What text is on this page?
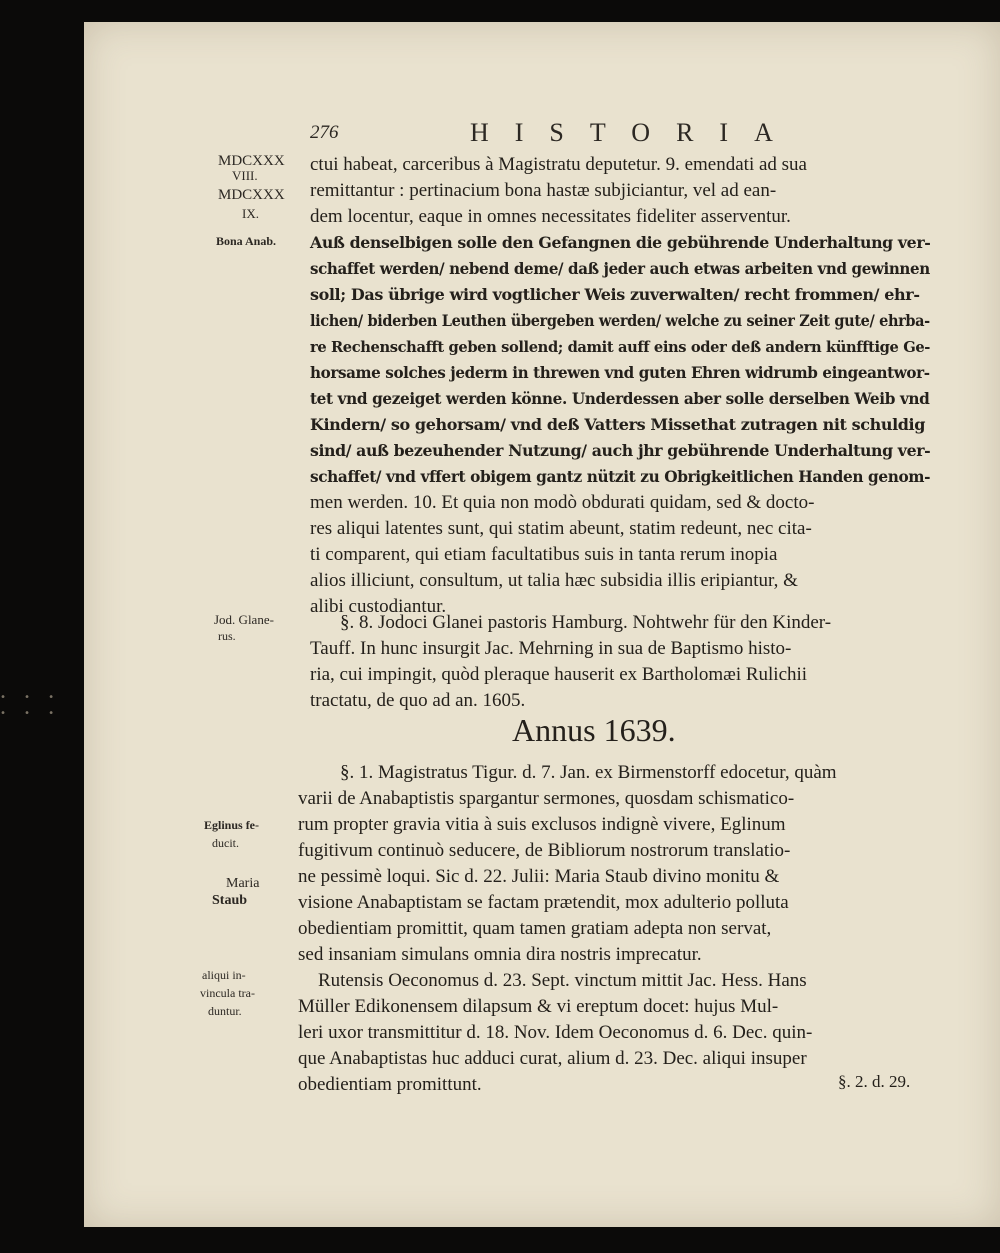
• • • • • •
276	HISTORIA
MDCXXX
VIII.
MDCXXX
IX.
Bona Anab.
Jod. Glane-
rus.
Eglinus fe-
ducit.
Maria
Staub
aliqui in-
vincula tra-
duntur.
ctui habeat, carceribus à Magistratu deputetur. 9. emendati ad sua
remittantur : pertinacium bona hastæ subjiciantur, vel ad ean-
dem locentur, eaque in omnes necessitates fideliter asserventur.
Auß denselbigen solle den Gefangnen die gebührende Underhaltung ver-
schaffet werden/ nebend deme/ daß jeder auch etwas arbeiten vnd gewinnen
soll; Das übrige wird vogtlicher Weis zuverwalten/ recht frommen/ ehr-
lichen/ biderben Leuthen übergeben werden/ welche zu seiner Zeit gute/ ehrba-
re Rechenschafft geben sollend; damit auff eins oder deß andern künfftige Ge-
horsame solches jederm in threwen vnd guten Ehren widrumb eingeantwor-
tet vnd gezeiget werden könne. Underdessen aber solle derselben Weib vnd
Kindern/ so gehorsam/ vnd deß Vatters Missethat zutragen nit schuldig
sind/ auß bezeuhender Nutzung/ auch jhr gebührende Underhaltung ver-
schaffet/ vnd vffert obigem gantz nützit zu Obrigkeitlichen Handen genom-
men werden. 10. Et quia non modò obdurati quidam, sed & docto-
res aliqui latentes sunt, qui statim abeunt, statim redeunt, nec cita-
ti comparent, qui etiam facultatibus suis in tanta rerum inopia
alios illiciunt, consultum, ut talia hæc subsidia illis eripiantur, &
alibi custodiantur.
§. 8. Jodoci Glanei pastoris Hamburg. Nohtwehr für den Kinder-
Tauff. In hunc insurgit Jac. Mehrning in sua de Baptismo histo-
ria, cui impingit, quòd pleraque hauserit ex Bartholomæi Rulichii
tractatu, de quo ad an. 1605.
Annus 1639.
§. 1. Magistratus Tigur. d. 7. Jan. ex Birmenstorff edocetur, quàm
varii de Anabaptistis spargantur sermones, quosdam schismatico-
rum propter gravia vitia à suis exclusos indignè vivere, Eglinum
fugitivum continuò seducere, de Bibliorum nostrorum translatio-
ne pessimè loqui. Sic d. 22. Julii: Maria Staub divino monitu &
visione Anabaptistam se factam prætendit, mox adulterio polluta
obedientiam promittit, quam tamen gratiam adepta non servat,
sed insaniam simulans omnia dira nostris imprecatur.
Rutensis Oeconomus d. 23. Sept. vinctum mittit Jac. Hess. Hans
Müller Edikonensem dilapsum & vi ereptum docet: hujus Mul-
leri uxor transmittitur d. 18. Nov. Idem Oeconomus d. 6. Dec. quin-
que Anabaptistas huc adduci curat, alium d. 23. Dec. aliqui insuper
obedientiam promittunt.	§. 2. d. 29.
